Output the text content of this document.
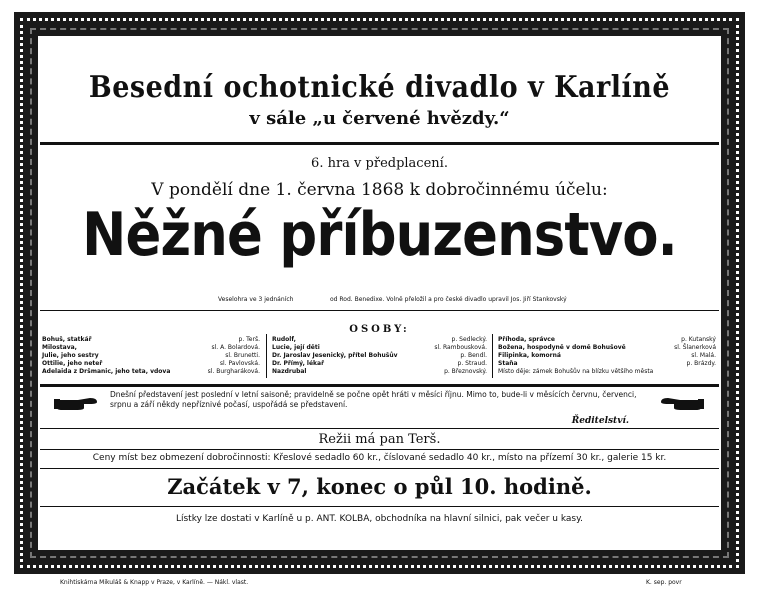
Besední ochotnické divadlo v Karlíně
v sále „u červené hvězdy.“
6. hra v předplacení.
V pondělí dne 1. června 1868 k dobročinnému účelu:
Něžné příbuzenstvo.
Veselohra ve 3 jednáních	od Rod. Benedixe. Volně přeložil a pro české divadlo upravil Jos. Jiří Stankovský
OSOBY:
Bohuš, statkář	p. Terš.
Milostava,	sl. A. Bolardová.
Julie, jeho sestry	sl. Brunetti.
Ottilie, jeho neteř	sl. Pavlovská.
Adelaida z Dršmanic, jeho teta, vdova	sl. Burgharáková.
Rudolf,	p. Sedlecký.
Lucie, její děti	sl. Rambousková.
Dr. Jaroslav Jesenický, přítel Bohušův	p. Bendl.
Dr. Přímý, lékař	p. Straud.
Nazdrubal	p. Březnovský.
Příhoda, správce	p. Kutanský
Božena, hospodyně v domě Bohušově	sl. Šlanerková
Filipinka, komorná	sl. Malá.
Staňa	p. Brázdy.
Místo děje: zámek Bohušův na blízku většího města
Dnešní představení jest poslední v letní saisoně; pravidelně se počne opět hráti v měsíci říjnu. Mimo to, bude-li v měsících červnu, červenci, srpnu a září někdy nepříznivé počasí, uspořádá se představení.
Ředitelství.
Režii má pan Terš.
Ceny míst bez obmezení dobročinnosti: Křeslové sedadlo 60 kr., číslované sedadlo 40 kr., místo na přízemí 30 kr., galerie 15 kr.
Začátek v 7, konec o půl 10. hodině.
Lístky lze dostati v Karlíně u p. ANT. KOLBA, obchodníka na hlavní silnici, pak večer u kasy.
Knihtiskárna Mikuláš & Knapp v Praze, v Karlíně. — Nákl. vlast.	K. sep. povr
